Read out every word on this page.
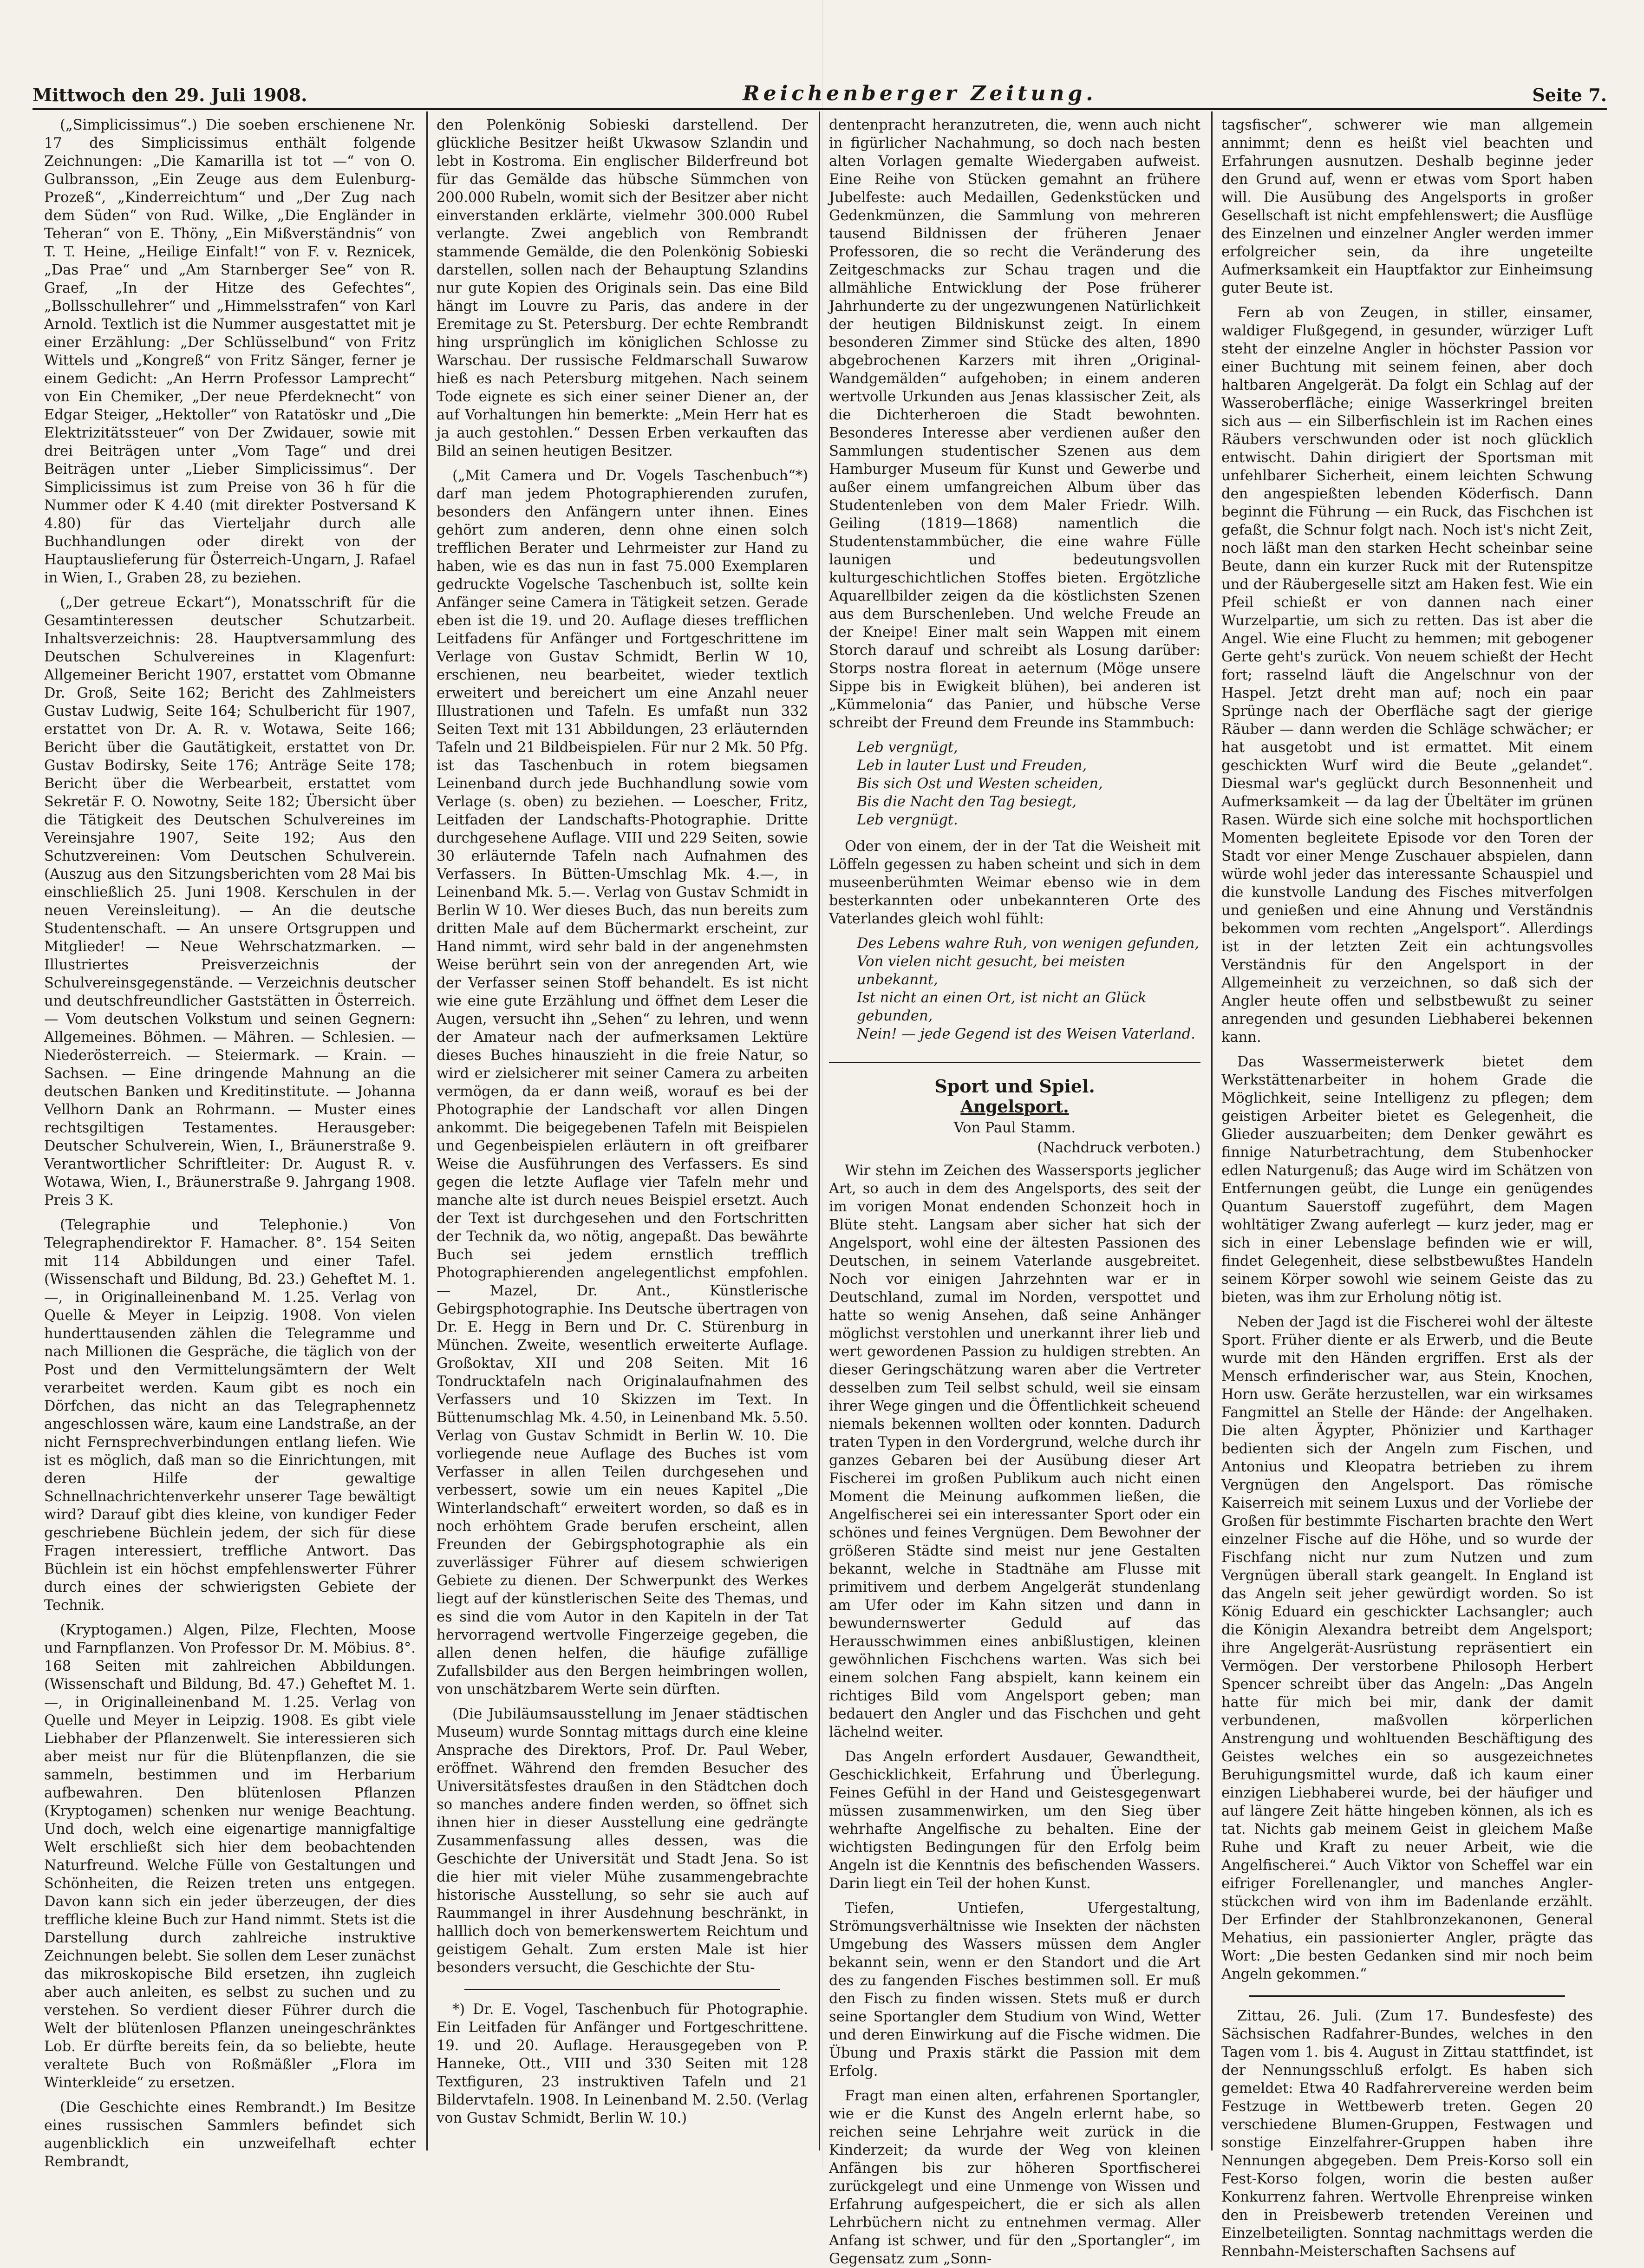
Mittwoch den 29. Juli 1908.	Reichenberger Zeitung.	Seite 7.

(„Simplicissimus“.) Die soeben erschienene Nr. 17 des Simplicissimus enthält folgende Zeichnungen: „Die Kamarilla ist tot —“ von O. Gulbransson, „Ein Zeuge aus dem Eulenburg-Prozeß“, „Kinderreichtum“ und „Der Zug nach dem Süden“ von Rud. Wilke, „Die Engländer in Teheran“ von E. Thöny, „Ein Mißverständnis“ von T. T. Heine, „Heilige Einfalt!“ von F. v. Reznicek, „Das Prae“ und „Am Starnberger See“ von R. Graef, „In der Hitze des Gefechtes“, „Bollsschullehrer“ und „Himmelsstrafen“ von Karl Arnold. Textlich ist die Nummer ausgestattet mit je einer Erzählung: „Der Schlüsselbund“ von Fritz Wittels und „Kongreß“ von Fritz Sänger, ferner je einem Gedicht: „An Herrn Professor Lamprecht“ von Ein Chemiker, „Der neue Pferdeknecht“ von Edgar Steiger, „Hektoller“ von Ratatöskr und „Die Elektrizitätssteuer“ von Der Zwidauer, sowie mit drei Beiträgen unter „Vom Tage“ und drei Beiträgen unter „Lieber Simplicissimus“. Der Simplicissimus ist zum Preise von 36 h für die Nummer oder K 4.40 (mit direkter Postversand K 4.80) für das Vierteljahr durch alle Buchhandlungen oder direkt von der Hauptauslieferung für Österreich-Ungarn, J. Rafael in Wien, I., Graben 28, zu beziehen.

(„Der getreue Eckart“), Monatsschrift für die Gesamtinteressen deutscher Schutzarbeit. Inhaltsverzeichnis: 28. Hauptversammlung des Deutschen Schulvereines in Klagenfurt: Allgemeiner Bericht 1907, erstattet vom Obmanne Dr. Groß, Seite 162; Bericht des Zahlmeisters Gustav Ludwig, Seite 164; Schulbericht für 1907, erstattet von Dr. A. R. v. Wotawa, Seite 166; Bericht über die Gautätigkeit, erstattet von Dr. Gustav Bodirsky, Seite 176; Anträge Seite 178; Bericht über die Werbearbeit, erstattet vom Sekretär F. O. Nowotny, Seite 182; Übersicht über die Tätigkeit des Deutschen Schulvereines im Vereinsjahre 1907, Seite 192; Aus den Schutzvereinen: Vom Deutschen Schulverein. (Auszug aus den Sitzungsberichten vom 28 Mai bis einschließlich 25. Juni 1908. Kerschulen in der neuen Vereinsleitung). — An die deutsche Studentenschaft. — An unsere Ortsgruppen und Mitglieder! — Neue Wehrschatzmarken. — Illustriertes Preisverzeichnis der Schulvereinsgegenstände. — Verzeichnis deutscher und deutschfreundlicher Gaststätten in Österreich. — Vom deutschen Volkstum und seinen Gegnern: Allgemeines. Böhmen. — Mähren. — Schlesien. — Niederösterreich. — Steiermark. — Krain. — Sachsen. — Eine dringende Mahnung an die deutschen Banken und Kreditinstitute. — Johanna Vellhorn Dank an Rohrmann. — Muster eines rechtsgiltigen Testamentes. Herausgeber: Deutscher Schulverein, Wien, I., Bräunerstraße 9. Verantwortlicher Schriftleiter: Dr. August R. v. Wotawa, Wien, I., Bräunerstraße 9. Jahrgang 1908. Preis 3 K.

(Telegraphie und Telephonie.) Von Telegraphendirektor F. Hamacher. 8°. 154 Seiten mit 114 Abbildungen und einer Tafel. (Wissenschaft und Bildung, Bd. 23.) Geheftet M. 1.—, in Originalleinenband M. 1.25. Verlag von Quelle & Meyer in Leipzig. 1908. Von vielen hunderttausenden zählen die Telegramme und nach Millionen die Gespräche, die täglich von der Post und den Vermittelungsämtern der Welt verarbeitet werden. Kaum gibt es noch ein Dörfchen, das nicht an das Telegraphennetz angeschlossen wäre, kaum eine Landstraße, an der nicht Fernsprechverbindungen entlang liefen. Wie ist es möglich, daß man so die Einrichtungen, mit deren Hilfe der gewaltige Schnellnachrichtenverkehr unserer Tage bewältigt wird? Darauf gibt dies kleine, von kundiger Feder geschriebene Büchlein jedem, der sich für diese Fragen interessiert, treffliche Antwort. Das Büchlein ist ein höchst empfehlenswerter Führer durch eines der schwierigsten Gebiete der Technik.

(Kryptogamen.) Algen, Pilze, Flechten, Moose und Farnpflanzen. Von Professor Dr. M. Möbius. 8°. 168 Seiten mit zahlreichen Abbildungen. (Wissenschaft und Bildung, Bd. 47.) Geheftet M. 1.—, in Originalleinenband M. 1.25. Verlag von Quelle und Meyer in Leipzig. 1908. Es gibt viele Liebhaber der Pflanzenwelt. Sie interessieren sich aber meist nur für die Blütenpflanzen, die sie sammeln, bestimmen und im Herbarium aufbewahren. Den blütenlosen Pflanzen (Kryptogamen) schenken nur wenige Beachtung. Und doch, welch eine eigenartige mannigfaltige Welt erschließt sich hier dem beobachtenden Naturfreund. Welche Fülle von Gestaltungen und Schönheiten, die Reizen treten uns entgegen. Davon kann sich ein jeder überzeugen, der dies treffliche kleine Buch zur Hand nimmt. Stets ist die Darstellung durch zahlreiche instruktive Zeichnungen belebt. Sie sollen dem Leser zunächst das mikroskopische Bild ersetzen, ihn zugleich aber auch anleiten, es selbst zu suchen und zu verstehen. So verdient dieser Führer durch die Welt der blütenlosen Pflanzen uneingeschränktes Lob. Er dürfte bereits fein, da so beliebte, heute veraltete Buch von Roßmäßler „Flora im Winterkleide“ zu ersetzen.

(Die Geschichte eines Rembrandt.) Im Besitze eines russischen Sammlers befindet sich augenblicklich ein unzweifelhaft echter Rembrandt,

den Polenkönig Sobieski darstellend. Der glückliche Besitzer heißt Ukwasow Szlandin und lebt in Kostroma. Ein englischer Bilderfreund bot für das Gemälde das hübsche Sümmchen von 200.000 Rubeln, womit sich der Besitzer aber nicht einverstanden erklärte, vielmehr 300.000 Rubel verlangte. Zwei angeblich von Rembrandt stammende Gemälde, die den Polenkönig Sobieski darstellen, sollen nach der Behauptung Szlandins nur gute Kopien des Originals sein. Das eine Bild hängt im Louvre zu Paris, das andere in der Eremitage zu St. Petersburg. Der echte Rembrandt hing ursprünglich im königlichen Schlosse zu Warschau. Der russische Feldmarschall Suwarow hieß es nach Petersburg mitgehen. Nach seinem Tode eignete es sich einer seiner Diener an, der auf Vorhaltungen hin bemerkte: „Mein Herr hat es ja auch gestohlen.“ Dessen Erben verkauften das Bild an seinen heutigen Besitzer.

(„Mit Camera und Dr. Vogels Taschenbuch“*) darf man jedem Photographierenden zurufen, besonders den Anfängern unter ihnen. Eines gehört zum anderen, denn ohne einen solch trefflichen Berater und Lehrmeister zur Hand zu haben, wie es das nun in fast 75.000 Exemplaren gedruckte Vogelsche Taschenbuch ist, sollte kein Anfänger seine Camera in Tätigkeit setzen. Gerade eben ist die 19. und 20. Auflage dieses trefflichen Leitfadens für Anfänger und Fortgeschrittene im Verlage von Gustav Schmidt, Berlin W 10, erschienen, neu bearbeitet, wieder textlich erweitert und bereichert um eine Anzahl neuer Illustrationen und Tafeln. Es umfaßt nun 332 Seiten Text mit 131 Abbildungen, 23 erläuternden Tafeln und 21 Bildbeispielen. Für nur 2 Mk. 50 Pfg. ist das Taschenbuch in rotem biegsamen Leinenband durch jede Buchhandlung sowie vom Verlage (s. oben) zu beziehen. — Loescher, Fritz, Leitfaden der Landschafts-Photographie. Dritte durchgesehene Auflage. VIII und 229 Seiten, sowie 30 erläuternde Tafeln nach Aufnahmen des Verfassers. In Bütten-Umschlag Mk. 4.—, in Leinenband Mk. 5.—. Verlag von Gustav Schmidt in Berlin W 10. Wer dieses Buch, das nun bereits zum dritten Male auf dem Büchermarkt erscheint, zur Hand nimmt, wird sehr bald in der angenehmsten Weise berührt sein von der anregenden Art, wie der Verfasser seinen Stoff behandelt. Es ist nicht wie eine gute Erzählung und öffnet dem Leser die Augen, versucht ihn „Sehen“ zu lehren, und wenn der Amateur nach der aufmerksamen Lektüre dieses Buches hinauszieht in die freie Natur, so wird er zielsicherer mit seiner Camera zu arbeiten vermögen, da er dann weiß, worauf es bei der Photographie der Landschaft vor allen Dingen ankommt. Die beigegebenen Tafeln mit Beispielen und Gegenbeispielen erläutern in oft greifbarer Weise die Ausführungen des Verfassers. Es sind gegen die letzte Auflage vier Tafeln mehr und manche alte ist durch neues Beispiel ersetzt. Auch der Text ist durchgesehen und den Fortschritten der Technik da, wo nötig, angepaßt. Das bewährte Buch sei jedem ernstlich trefflich Photographierenden angelegentlichst empfohlen. — Mazel, Dr. Ant., Künstlerische Gebirgsphotographie. Ins Deutsche übertragen von Dr. E. Hegg in Bern und Dr. C. Stürenburg in München. Zweite, wesentlich erweiterte Auflage. Großoktav, XII und 208 Seiten. Mit 16 Tondrucktafeln nach Originalaufnahmen des Verfassers und 10 Skizzen im Text. In Büttenumschlag Mk. 4.50, in Leinenband Mk. 5.50. Verlag von Gustav Schmidt in Berlin W. 10. Die vorliegende neue Auflage des Buches ist vom Verfasser in allen Teilen durchgesehen und verbessert, sowie um ein neues Kapitel „Die Winterlandschaft“ erweitert worden, so daß es in noch erhöhtem Grade berufen erscheint, allen Freunden der Gebirgsphotographie als ein zuverlässiger Führer auf diesem schwierigen Gebiete zu dienen. Der Schwerpunkt des Werkes liegt auf der künstlerischen Seite des Themas, und es sind die vom Autor in den Kapiteln in der Tat hervorragend wertvolle Fingerzeige gegeben, die allen denen helfen, die häufige zufällige Zufallsbilder aus den Bergen heimbringen wollen, von unschätzbarem Werte sein dürften.

(Die Jubiläumsausstellung im Jenaer städtischen Museum) wurde Sonntag mittags durch eine kleine Ansprache des Direktors, Prof. Dr. Paul Weber, eröffnet. Während den fremden Besucher des Universitätsfestes draußen in den Städtchen doch so manches andere finden werden, so öffnet sich ihnen hier in dieser Ausstellung eine gedrängte Zusammenfassung alles dessen, was die Geschichte der Universität und Stadt Jena. So ist die hier mit vieler Mühe zusammengebrachte historische Ausstellung, so sehr sie auch auf Raummangel in ihrer Ausdehnung beschränkt, in halllich doch von bemerkenswertem Reichtum und geistigem Gehalt. Zum ersten Male ist hier besonders versucht, die Geschichte der Stu-

*) Dr. E. Vogel, Taschenbuch für Photographie. Ein Leitfaden für Anfänger und Fortgeschrittene. 19. und 20. Auflage. Herausgegeben von P. Hanneke, Ott., VIII und 330 Seiten mit 128 Textfiguren, 23 instruktiven Tafeln und 21 Bildervtafeln. 1908. In Leinenband M. 2.50. (Verlag von Gustav Schmidt, Berlin W. 10.)

dentenpracht heranzutreten, die, wenn auch nicht in figürlicher Nachahmung, so doch nach besten alten Vorlagen gemalte Wiedergaben aufweist. Eine Reihe von Stücken gemahnt an frühere Jubelfeste: auch Medaillen, Gedenkstücken und Gedenkmünzen, die Sammlung von mehreren tausend Bildnissen der früheren Jenaer Professoren, die so recht die Veränderung des Zeitgeschmacks zur Schau tragen und die allmähliche Entwicklung der Pose früherer Jahrhunderte zu der ungezwungenen Natürlichkeit der heutigen Bildniskunst zeigt. In einem besonderen Zimmer sind Stücke des alten, 1890 abgebrochenen Karzers mit ihren „Original-Wandgemälden“ aufgehoben; in einem anderen wertvolle Urkunden aus Jenas klassischer Zeit, als die Dichterheroen die Stadt bewohnten. Besonderes Interesse aber verdienen außer den Sammlungen studentischer Szenen aus dem Hamburger Museum für Kunst und Gewerbe und außer einem umfangreichen Album über das Studentenleben von dem Maler Friedr. Wilh. Geiling (1819—1868) namentlich die Studentenstammbücher, die eine wahre Fülle launigen und bedeutungsvollen kulturgeschichtlichen Stoffes bieten. Ergötzliche Aquarellbilder zeigen da die köstlichsten Szenen aus dem Burschenleben. Und welche Freude an der Kneipe! Einer malt sein Wappen mit einem Storch darauf und schreibt als Losung darüber: Storps nostra floreat in aeternum (Möge unsere Sippe bis in Ewigkeit blühen), bei anderen ist „Kümmelonia“ das Panier, und hübsche Verse schreibt der Freund dem Freunde ins Stammbuch:

Leb vergnügt,
Leb in lauter Lust und Freuden,
Bis sich Ost und Westen scheiden,
Bis die Nacht den Tag besiegt,
Leb vergnügt.

Oder von einem, der in der Tat die Weisheit mit Löffeln gegessen zu haben scheint und sich in dem museenberühmten Weimar ebenso wie in dem besterkannten oder unbekannteren Orte des Vaterlandes gleich wohl fühlt:

Des Lebens wahre Ruh, von wenigen gefunden,
Von vielen nicht gesucht, bei meisten unbekannt,
Ist nicht an einen Ort, ist nicht an Glück gebunden,
Nein! — jede Gegend ist des Weisen Vaterland.
Sport und Spiel.
Angelsport.
Von Paul Stamm.
(Nachdruck verboten.)

Wir stehn im Zeichen des Wassersports jeglicher Art, so auch in dem des Angelsports, des seit der im vorigen Monat endenden Schonzeit hoch in Blüte steht. Langsam aber sicher hat sich der Angelsport, wohl eine der ältesten Passionen des Deutschen, in seinem Vaterlande ausgebreitet. Noch vor einigen Jahrzehnten war er in Deutschland, zumal im Norden, verspottet und hatte so wenig Ansehen, daß seine Anhänger möglichst verstohlen und unerkannt ihrer lieb und wert gewordenen Passion zu huldigen strebten. An dieser Geringschätzung waren aber die Vertreter desselben zum Teil selbst schuld, weil sie einsam ihrer Wege gingen und die Öffentlichkeit scheuend niemals bekennen wollten oder konnten. Dadurch traten Typen in den Vordergrund, welche durch ihr ganzes Gebaren bei der Ausübung dieser Art Fischerei im großen Publikum auch nicht einen Moment die Meinung aufkommen ließen, die Angelfischerei sei ein interessanter Sport oder ein schönes und feines Vergnügen. Dem Bewohner der größeren Städte sind meist nur jene Gestalten bekannt, welche in Stadtnähe am Flusse mit primitivem und derbem Angelgerät stundenlang am Ufer oder im Kahn sitzen und dann in bewundernswerter Geduld auf das Herausschwimmen eines anbißlustigen, kleinen gewöhnlichen Fischchens warten. Was sich bei einem solchen Fang abspielt, kann keinem ein richtiges Bild vom Angelsport geben; man bedauert den Angler und das Fischchen und geht lächelnd weiter.

Das Angeln erfordert Ausdauer, Gewandtheit, Geschicklichkeit, Erfahrung und Überlegung. Feines Gefühl in der Hand und Geistesgegenwart müssen zusammenwirken, um den Sieg über wehrhafte Angelfische zu behalten. Eine der wichtigsten Bedingungen für den Erfolg beim Angeln ist die Kenntnis des befischenden Wassers. Darin liegt ein Teil der hohen Kunst.

Tiefen, Untiefen, Ufergestaltung, Strömungsverhältnisse wie Insekten der nächsten Umgebung des Wassers müssen dem Angler bekannt sein, wenn er den Standort und die Art des zu fangenden Fisches bestimmen soll. Er muß den Fisch zu finden wissen. Stets muß er durch seine Sportangler dem Studium von Wind, Wetter und deren Einwirkung auf die Fische widmen. Die Übung und Praxis stärkt die Passion mit dem Erfolg.

Fragt man einen alten, erfahrenen Sportangler, wie er die Kunst des Angeln erlernt habe, so reichen seine Lehrjahre weit zurück in die Kinderzeit; da wurde der Weg von kleinen Anfängen bis zur höheren Sportfischerei zurückgelegt und eine Unmenge von Wissen und Erfahrung aufgespeichert, die er sich als allen Lehrbüchern nicht zu entnehmen vermag. Aller Anfang ist schwer, und für den „Sportangler“, im Gegensatz zum „Sonn-

tagsfischer“, schwerer wie man allgemein annimmt; denn es heißt viel beachten und Erfahrungen ausnutzen. Deshalb beginne jeder den Grund auf, wenn er etwas vom Sport haben will. Die Ausübung des Angelsports in großer Gesellschaft ist nicht empfehlenswert; die Ausflüge des Einzelnen und einzelner Angler werden immer erfolgreicher sein, da ihre ungeteilte Aufmerksamkeit ein Hauptfaktor zur Einheimsung guter Beute ist.

Fern ab von Zeugen, in stiller, einsamer, waldiger Flußgegend, in gesunder, würziger Luft steht der einzelne Angler in höchster Passion vor einer Buchtung mit seinem feinen, aber doch haltbaren Angelgerät. Da folgt ein Schlag auf der Wasseroberfläche; einige Wasserkringel breiten sich aus — ein Silberfischlein ist im Rachen eines Räubers verschwunden oder ist noch glücklich entwischt. Dahin dirigiert der Sportsman mit unfehlbarer Sicherheit, einem leichten Schwung den angespießten lebenden Köderfisch. Dann beginnt die Führung — ein Ruck, das Fischchen ist gefaßt, die Schnur folgt nach. Noch ist's nicht Zeit, noch läßt man den starken Hecht scheinbar seine Beute, dann ein kurzer Ruck mit der Rutenspitze und der Räubergeselle sitzt am Haken fest. Wie ein Pfeil schießt er von dannen nach einer Wurzelpartie, um sich zu retten. Das ist aber die Angel. Wie eine Flucht zu hemmen; mit gebogener Gerte geht's zurück. Von neuem schießt der Hecht fort; rasselnd läuft die Angelschnur von der Haspel. Jetzt dreht man auf; noch ein paar Sprünge nach der Oberfläche sagt der gierige Räuber — dann werden die Schläge schwächer; er hat ausgetobt und ist ermattet. Mit einem geschickten Wurf wird die Beute „gelandet“. Diesmal war's geglückt durch Besonnenheit und Aufmerksamkeit — da lag der Übeltäter im grünen Rasen. Würde sich eine solche mit hochsportlichen Momenten begleitete Episode vor den Toren der Stadt vor einer Menge Zuschauer abspielen, dann würde wohl jeder das interessante Schauspiel und die kunstvolle Landung des Fisches mitverfolgen und genießen und eine Ahnung und Verständnis bekommen vom rechten „Angelsport“. Allerdings ist in der letzten Zeit ein achtungsvolles Verständnis für den Angelsport in der Allgemeinheit zu verzeichnen, so daß sich der Angler heute offen und selbstbewußt zu seiner anregenden und gesunden Liebhaberei bekennen kann.

Das Wassermeisterwerk bietet dem Werkstättenarbeiter in hohem Grade die Möglichkeit, seine Intelligenz zu pflegen; dem geistigen Arbeiter bietet es Gelegenheit, die Glieder auszuarbeiten; dem Denker gewährt es finnige Naturbetrachtung, dem Stubenhocker edlen Naturgenuß; das Auge wird im Schätzen von Entfernungen geübt, die Lunge ein genügendes Quantum Sauerstoff zugeführt, dem Magen wohltätiger Zwang auferlegt — kurz jeder, mag er sich in einer Lebenslage befinden wie er will, findet Gelegenheit, diese selbstbewußtes Handeln seinem Körper sowohl wie seinem Geiste das zu bieten, was ihm zur Erholung nötig ist.

Neben der Jagd ist die Fischerei wohl der älteste Sport. Früher diente er als Erwerb, und die Beute wurde mit den Händen ergriffen. Erst als der Mensch erfinderischer war, aus Stein, Knochen, Horn usw. Geräte herzustellen, war ein wirksames Fangmittel an Stelle der Hände: der Angelhaken. Die alten Ägypter, Phönizier und Karthager bedienten sich der Angeln zum Fischen, und Antonius und Kleopatra betrieben zu ihrem Vergnügen den Angelsport. Das römische Kaiserreich mit seinem Luxus und der Vorliebe der Großen für bestimmte Fischarten brachte den Wert einzelner Fische auf die Höhe, und so wurde der Fischfang nicht nur zum Nutzen und zum Vergnügen überall stark geangelt. In England ist das Angeln seit jeher gewürdigt worden. So ist König Eduard ein geschickter Lachsangler; auch die Königin Alexandra betreibt dem Angelsport; ihre Angelgerät-Ausrüstung repräsentiert ein Vermögen. Der verstorbene Philosoph Herbert Spencer schreibt über das Angeln: „Das Angeln hatte für mich bei mir, dank der damit verbundenen, maßvollen körperlichen Anstrengung und wohltuenden Beschäftigung des Geistes welches ein so ausgezeichnetes Beruhigungsmittel wurde, daß ich kaum einer einzigen Liebhaberei wurde, bei der häufiger und auf längere Zeit hätte hingeben können, als ich es tat. Nichts gab meinem Geist in gleichem Maße Ruhe und Kraft zu neuer Arbeit, wie die Angelfischerei.“ Auch Viktor von Scheffel war ein eifriger Forellenangler, und manches Anglerstückchen wird von ihm im Badenlande erzählt. Der Erfinder der Stahlbronzekanonen, General Mehatius, ein passionierter Angler, prägte das Wort: „Die besten Gedanken sind mir noch beim Angeln gekommen.“

Zittau, 26. Juli. (Zum 17. Bundesfeste) des Sächsischen Radfahrer-Bundes, welches in den Tagen vom 1. bis 4. August in Zittau stattfindet, ist der Nennungsschluß erfolgt. Es haben sich gemeldet: Etwa 40 Radfahrervereine werden beim Festzuge in Wettbewerb treten. Gegen 20 verschiedene Blumen-Gruppen, Festwagen und sonstige Einzelfahrer-Gruppen haben ihre Nennungen abgegeben. Dem Preis-Korso soll ein Fest-Korso folgen, worin die besten außer Konkurrenz fahren. Wertvolle Ehrenpreise winken den in Preisbewerb tretenden Vereinen und Einzelbeteiligten. Sonntag nachmittags werden die Rennbahn-Meisterschaften Sachsens auf
